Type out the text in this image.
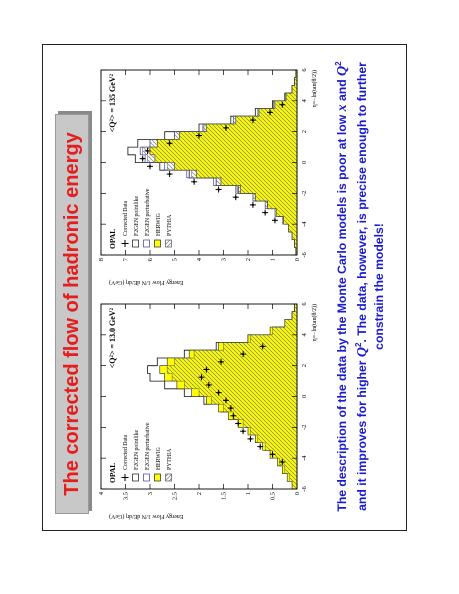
The corrected flow of hadronic energy	-6
-4
-2
0
2
4
6
0
0.5
1
1.5
2
2.5
3
3.5
4
η=−ln(tan(θ/2))
Energy Flow 1/N dE/dη (GeV)
<Q²> = 13.0 GeV²
OPAL
Corrected Data F2GEN pointlike F2GEN perturbative HERWIG PYTHIA
-6
-4
-2
0
2
4
6
0
1
2
3
4
5
6
7
8
η=−ln(tan(θ/2))
Energy Flow 1/N dE/dη (GeV)
<Q²> = 135 GeV²
OPAL
Corrected Data F2GEN pointlike F2GEN perturbative HERWIG PYTHIA	The description of the data by the Monte Carlo models is poor at low x and $Q^2$ and it improves for higher $Q^2$. The data, however, is precise enough to further constrain the models!
